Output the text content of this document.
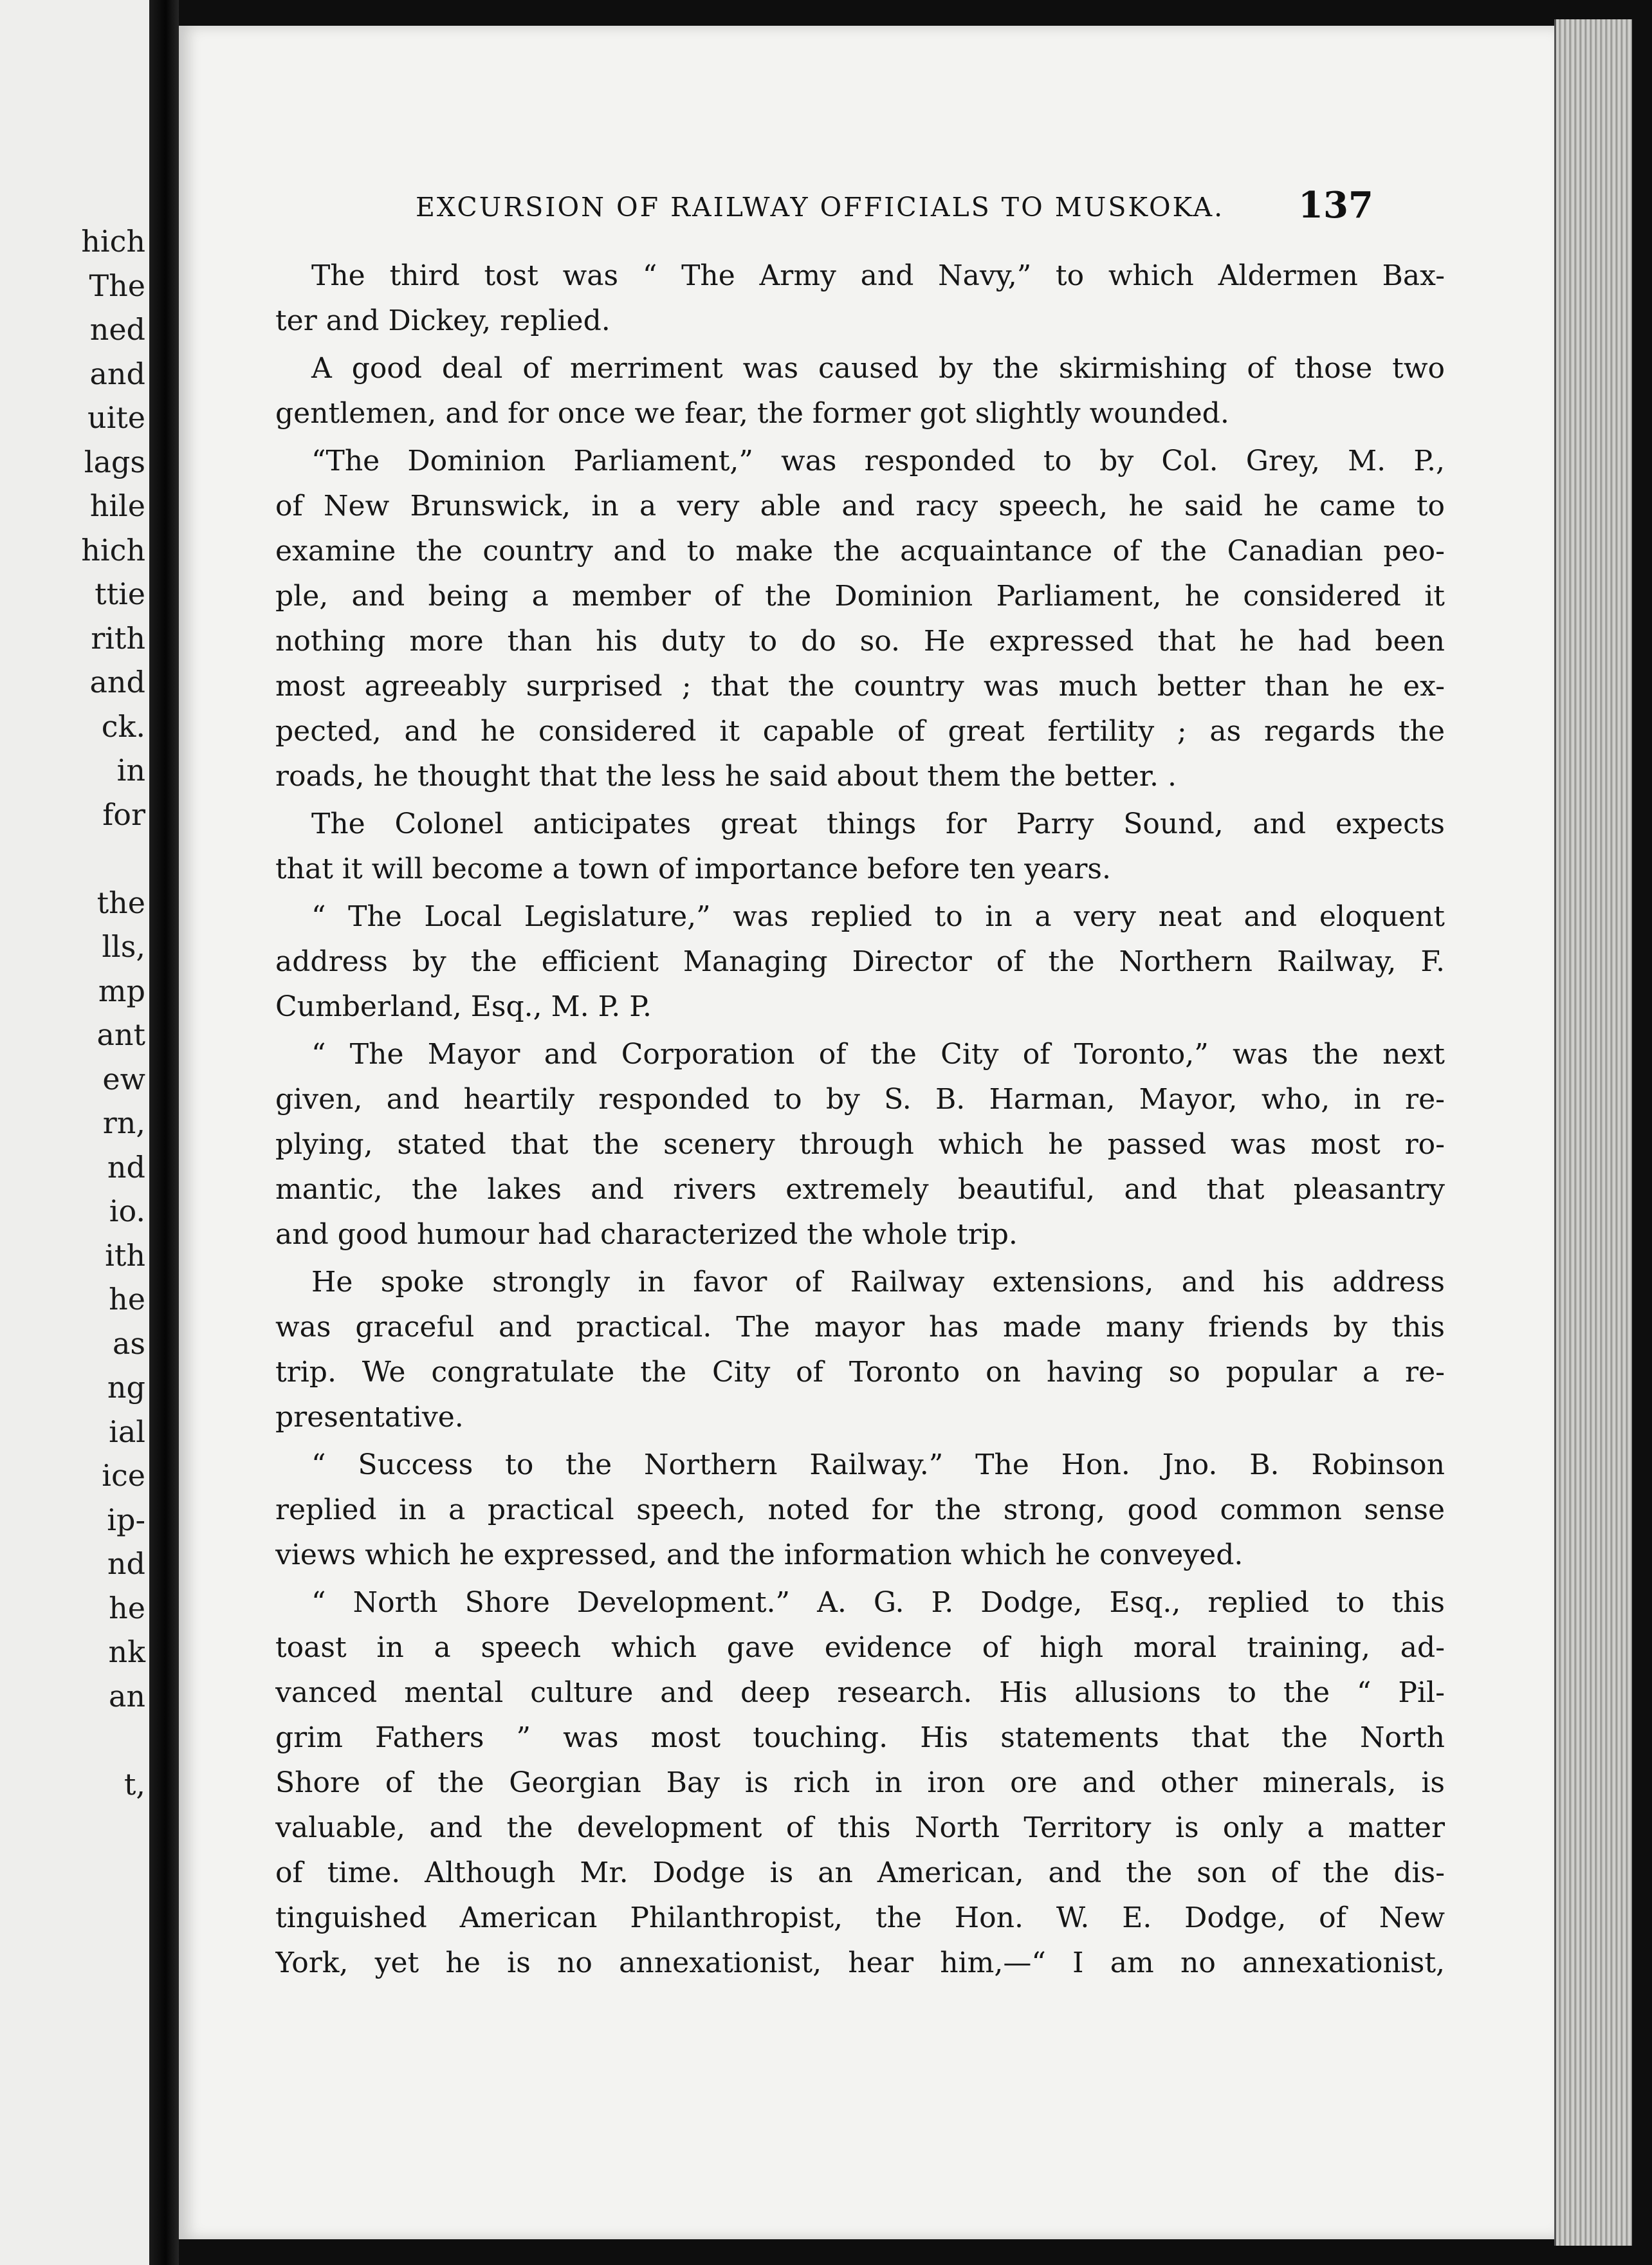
hich
The
ned
and
uite
lags
hile
hich
ttie
rith
and
ck.
in
for
the
lls,
mp
ant
ew
rn,
nd
io.
ith
he
as
ng
ial
ice
ip-
nd
he
nk
an
t,
EXCURSION OF RAILWAY OFFICIALS TO MUSKOKA. 137
The third tost was “ The Army and Navy,” to which Aldermen Bax-
ter and Dickey, replied.
A good deal of merriment was caused by the skirmishing of those two
gentlemen, and for once we fear, the former got slightly wounded.
“The Dominion Parliament,” was responded to by Col. Grey, M. P.,
of New Brunswick, in a very able and racy speech, he said he came to
examine the country and to make the acquaintance of the Canadian peo-
ple, and being a member of the Dominion Parliament, he considered it
nothing more than his duty to do so. He expressed that he had been
most agreeably surprised ; that the country was much better than he ex-
pected, and he considered it capable of great fertility ; as regards the
roads, he thought that the less he said about them the better. .
The Colonel anticipates great things for Parry Sound, and expects
that it will become a town of importance before ten years.
“ The Local Legislature,” was replied to in a very neat and eloquent
address by the efficient Managing Director of the Northern Railway, F.
Cumberland, Esq., M. P. P.
“ The Mayor and Corporation of the City of Toronto,” was the next
given, and heartily responded to by S. B. Harman, Mayor, who, in re-
plying, stated that the scenery through which he passed was most ro-
mantic, the lakes and rivers extremely beautiful, and that pleasantry
and good humour had characterized the whole trip.
He spoke strongly in favor of Railway extensions, and his address
was graceful and practical. The mayor has made many friends by this
trip. We congratulate the City of Toronto on having so popular a re-
presentative.
“ Success to the Northern Railway.” The Hon. Jno. B. Robinson
replied in a practical speech, noted for the strong, good common sense
views which he expressed, and the information which he conveyed.
“ North Shore Development.” A. G. P. Dodge, Esq., replied to this
toast in a speech which gave evidence of high moral training, ad-
vanced mental culture and deep research. His allusions to the “ Pil-
grim Fathers ” was most touching. His statements that the North
Shore of the Georgian Bay is rich in iron ore and other minerals, is
valuable, and the development of this North Territory is only a matter
of time. Although Mr. Dodge is an American, and the son of the dis-
tinguished American Philanthropist, the Hon. W. E. Dodge, of New
York, yet he is no annexationist, hear him,—“ I am no annexationist,
